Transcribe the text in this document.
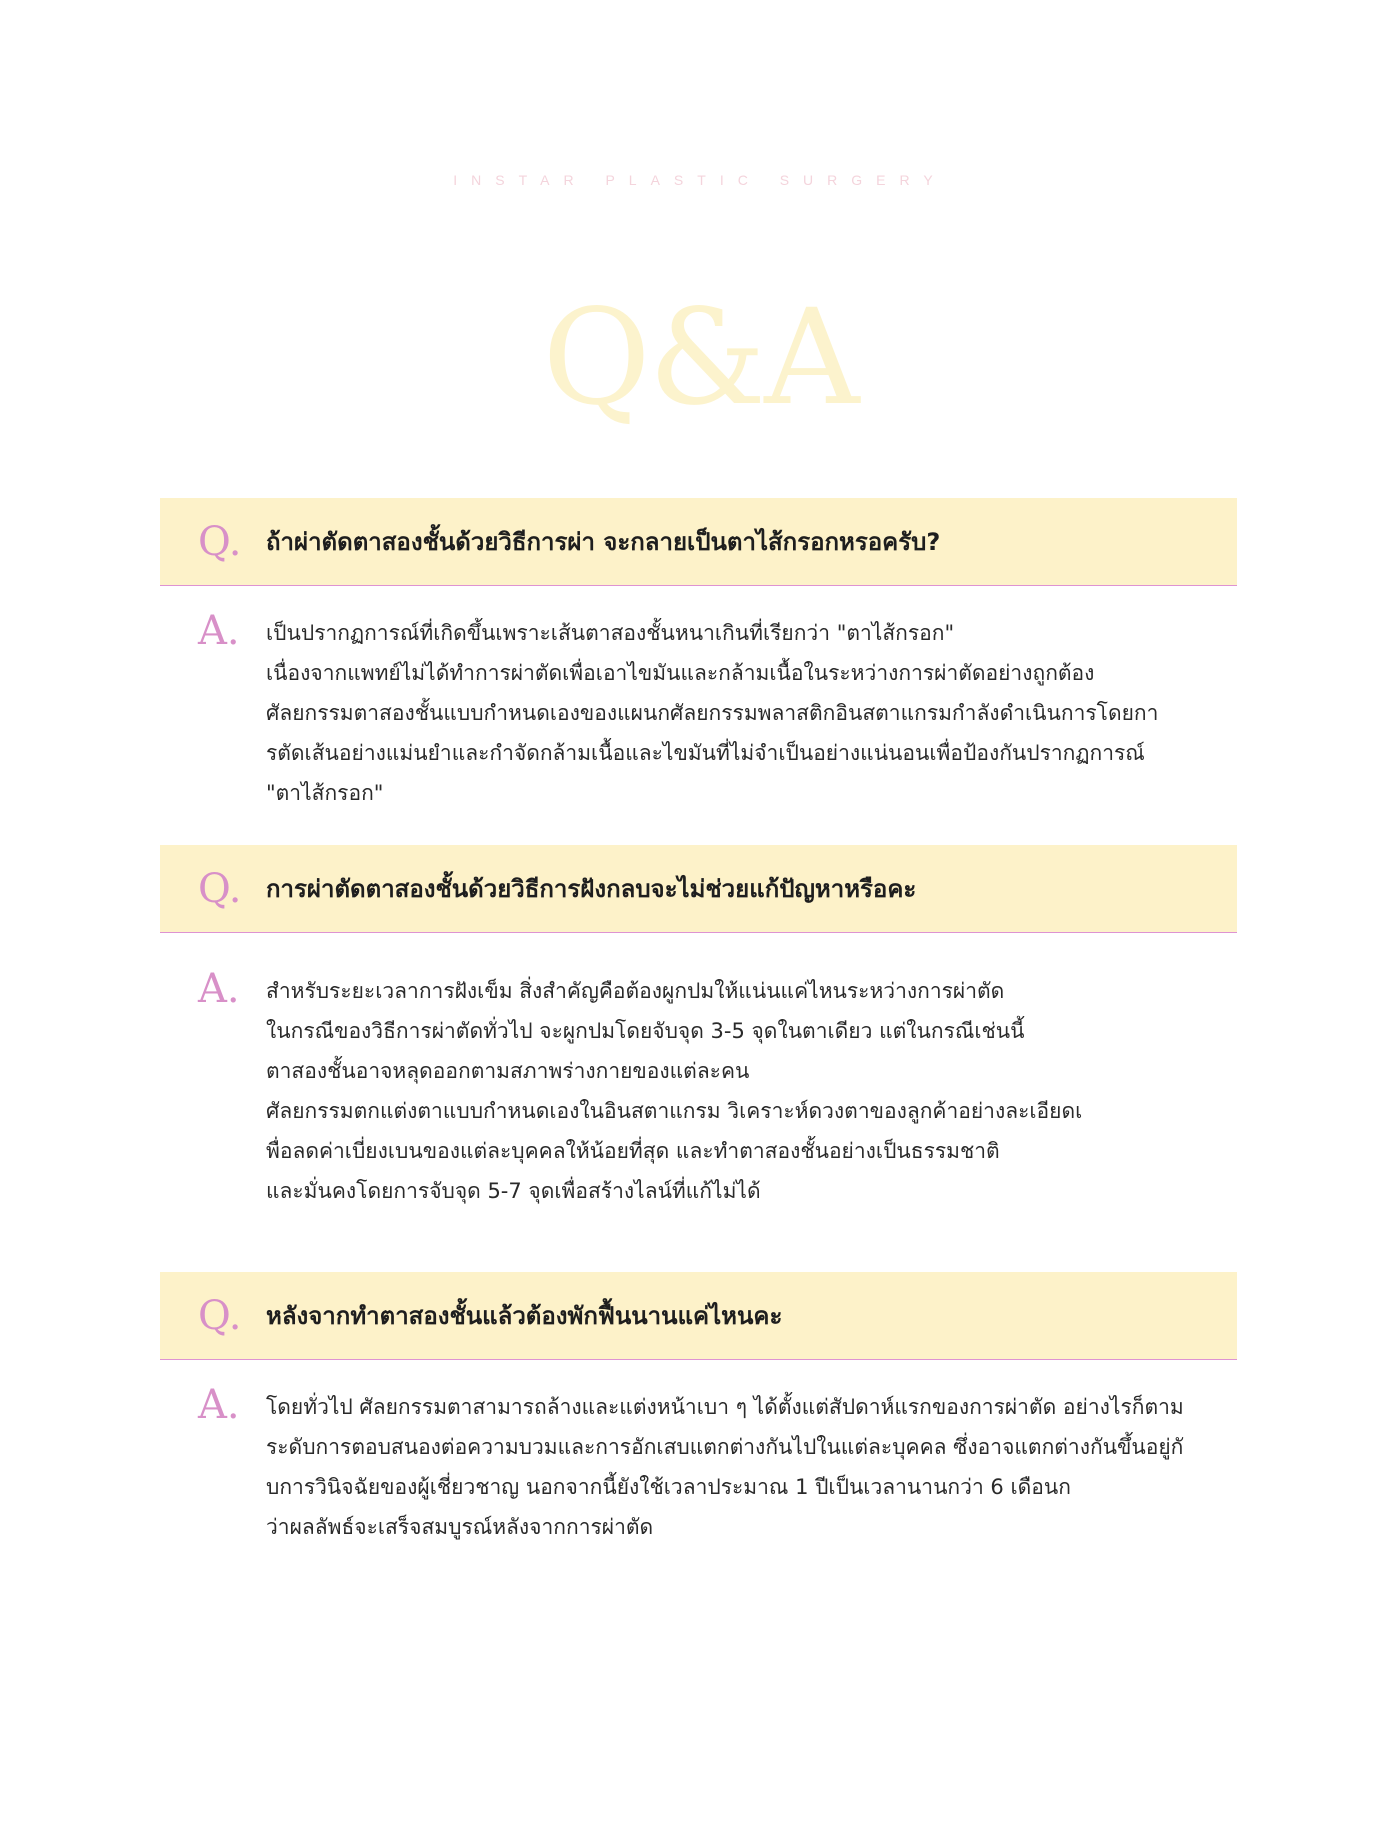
INSTAR PLASTIC SURGERY
Q&A
Q.	ถ้าผ่าตัดตาสองชั้นด้วยวิธีการผ่า จะกลายเป็นตาไส้กรอกหรอครับ?
A.	เป็นปรากฏการณ์ที่เกิดขึ้นเพราะเส้นตาสองชั้นหนาเกินที่เรียกว่า "ตาไส้กรอก"
เนื่องจากแพทย์ไม่ได้ทำการผ่าตัดเพื่อเอาไขมันและกล้ามเนื้อในระหว่างการผ่าตัดอย่างถูกต้อง
ศัลยกรรมตาสองชั้นแบบกำหนดเองของแผนกศัลยกรรมพลาสติกอินสตาแกรมกำลังดำเนินการโดยกา
รตัดเส้นอย่างแม่นยำและกำจัดกล้ามเนื้อและไขมันที่ไม่จำเป็นอย่างแน่นอนเพื่อป้องกันปรากฏการณ์
"ตาไส้กรอก"
Q.	การผ่าตัดตาสองชั้นด้วยวิธีการฝังกลบจะไม่ช่วยแก้ปัญหาหรือคะ
A.	สำหรับระยะเวลาการฝังเข็ม สิ่งสำคัญคือต้องผูกปมให้แน่นแค่ไหนระหว่างการผ่าตัด
ในกรณีของวิธีการผ่าตัดทั่วไป จะผูกปมโดยจับจุด 3-5 จุดในตาเดียว แต่ในกรณีเช่นนี้
ตาสองชั้นอาจหลุดออกตามสภาพร่างกายของแต่ละคน
ศัลยกรรมตกแต่งตาแบบกำหนดเองในอินสตาแกรม วิเคราะห์ดวงตาของลูกค้าอย่างละเอียดเ
พื่อลดค่าเบี่ยงเบนของแต่ละบุคคลให้น้อยที่สุด และทำตาสองชั้นอย่างเป็นธรรมชาติ
และมั่นคงโดยการจับจุด 5-7 จุดเพื่อสร้างไลน์ที่แก้ไม่ได้
Q.	หลังจากทำตาสองชั้นแล้วต้องพักฟื้นนานแค่ไหนคะ
A.	โดยทั่วไป ศัลยกรรมตาสามารถล้างและแต่งหน้าเบา ๆ ได้ตั้งแต่สัปดาห์แรกของการผ่าตัด อย่างไรก็ตาม
ระดับการตอบสนองต่อความบวมและการอักเสบแตกต่างกันไปในแต่ละบุคคล ซึ่งอาจแตกต่างกันขึ้นอยู่กั
บการวินิจฉัยของผู้เชี่ยวชาญ นอกจากนี้ยังใช้เวลาประมาณ 1 ปีเป็นเวลานานกว่า 6 เดือนก
ว่าผลลัพธ์จะเสร็จสมบูรณ์หลังจากการผ่าตัด
